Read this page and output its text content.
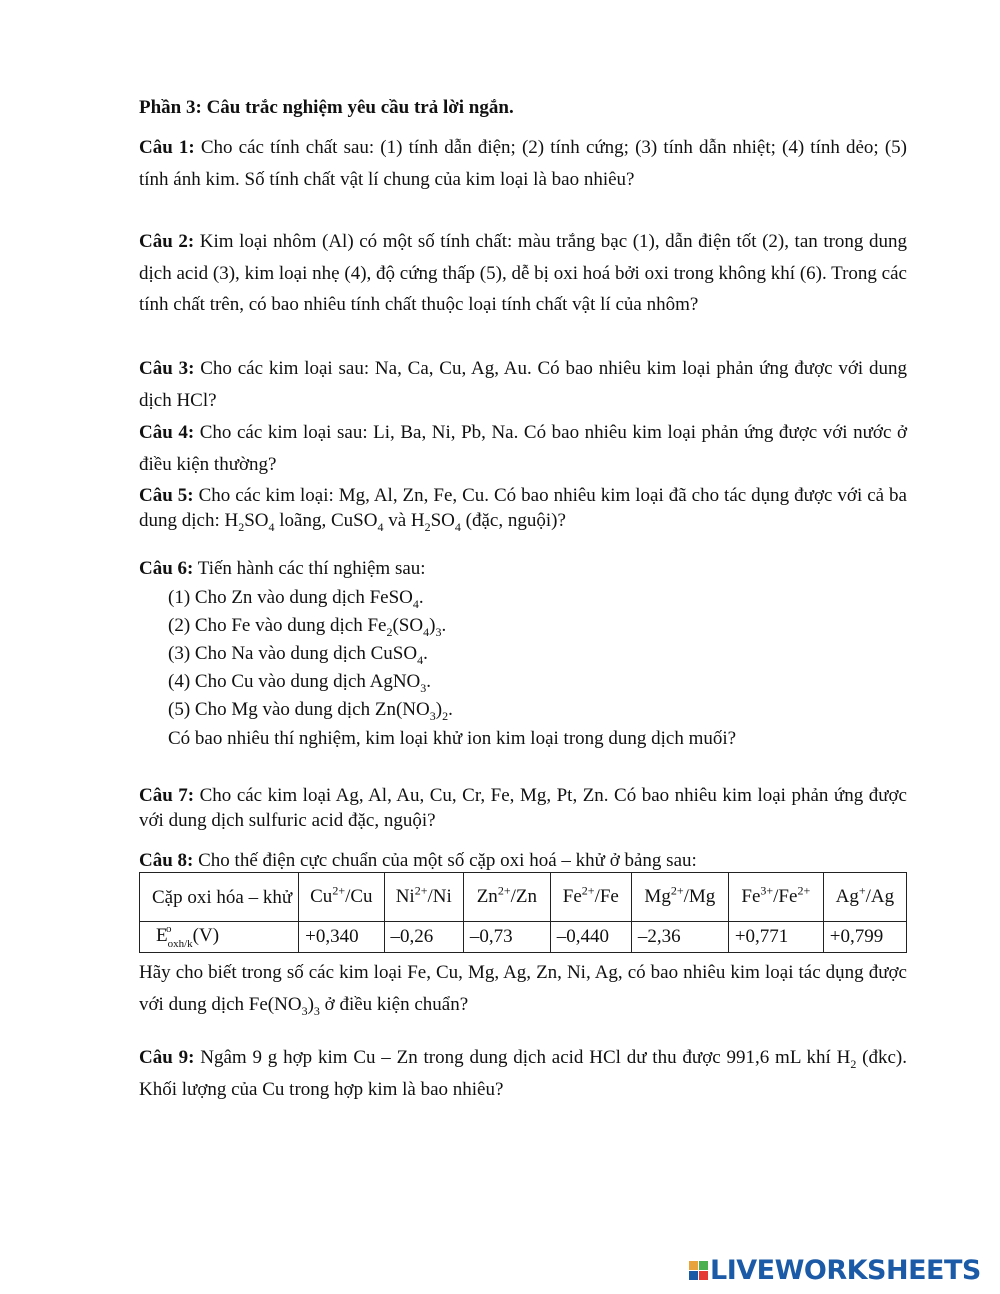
Phần 3: Câu trắc nghiệm yêu cầu trả lời ngắn.
Câu 1: Cho các tính chất sau: (1) tính dẫn điện; (2) tính cứng; (3) tính dẫn nhiệt; (4) tính dẻo; (5) tính ánh kim. Số tính chất vật lí chung của kim loại là bao nhiêu?
Câu 2: Kim loại nhôm (Al) có một số tính chất: màu trắng bạc (1), dẫn điện tốt (2), tan trong dung dịch acid (3), kim loại nhẹ (4), độ cứng thấp (5), dễ bị oxi hoá bởi oxi trong không khí (6). Trong các tính chất trên, có bao nhiêu tính chất thuộc loại tính chất vật lí của nhôm?
Câu 3: Cho các kim loại sau: Na, Ca, Cu, Ag, Au. Có bao nhiêu kim loại phản ứng được với dung dịch HCl?
Câu 4: Cho các kim loại sau: Li, Ba, Ni, Pb, Na. Có bao nhiêu kim loại phản ứng được với nước ở điều kiện thường?
Câu 5: Cho các kim loại: Mg, Al, Zn, Fe, Cu. Có bao nhiêu kim loại đã cho tác dụng được với cả ba dung dịch: $H_2SO_4$ loãng, CuSO$_4$ và $H_2SO_4$ (đặc, nguội)?
Câu 6: Tiến hành các thí nghiệm sau:
(1) Cho Zn vào dung dịch FeSO$_4$.
(2) Cho Fe vào dung dịch $Fe_2(SO_4)_3$.
(3) Cho Na vào dung dịch CuSO$_4$.
(4) Cho Cu vào dung dịch AgNO$_3$.
(5) Cho Mg vào dung dịch $Zn(NO_3)_2$.
Có bao nhiêu thí nghiệm, kim loại khử ion kim loại trong dung dịch muối?
Câu 7: Cho các kim loại Ag, Al, Au, Cu, Cr, Fe, Mg, Pt, Zn. Có bao nhiêu kim loại phản ứng được với dung dịch sulfuric acid đặc, nguội?
Câu 8: Cho thế điện cực chuẩn của một số cặp oxi hoá – khử ở bảng sau:
Cặp oxi hóa – khử	$Cu^{2+}/Cu$	$Ni^{2+}/Ni$	$Zn^{2+}/Zn$	$Fe^{2+}/Fe$	$Mg^{2+}/Mg$	$Fe^{3+}/Fe^{2+}$	Ag+/Ag
E
o
$_{oxh/k}$(V)	+0,340	–0,26	–0,73	–0,440	–2,36	+0,771	+0,799
Hãy cho biết trong số các kim loại Fe, Cu, Mg, Ag, Zn, Ni, Ag, có bao nhiêu kim loại tác dụng được với dung dịch $Fe(NO_3)_3$ ở điều kiện chuẩn?
Câu 9: Ngâm 9 g hợp kim Cu – Zn trong dung dịch acid HCl dư thu được 991,6 mL khí $H_2$ (đkc). Khối lượng của Cu trong hợp kim là bao nhiêu?
LIVEWORKSHEETS
